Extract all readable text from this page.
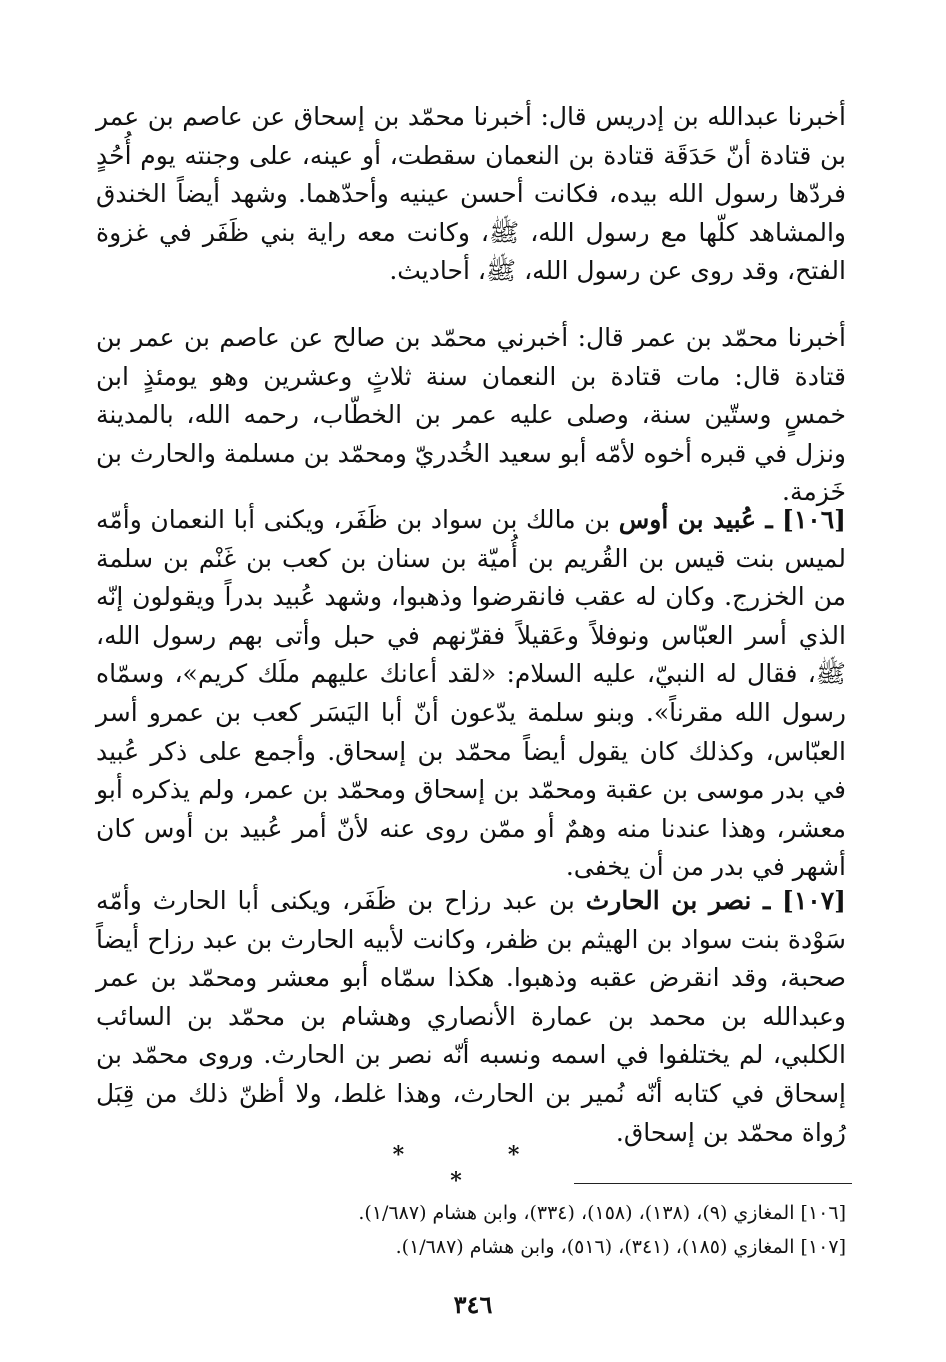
أخبرنا عبدالله بن إدريس قال: أخبرنا محمّد بن إسحاق عن عاصم بن عمر بن قتادة أنّ حَدَقَة قتادة بن النعمان سقطت، أو عينه، على وجنته يوم أُحُدٍ فردّها رسول الله بيده، فكانت أحسن عينيه وأحدّهما. وشهد أيضاً الخندق والمشاهد كلّها مع رسول الله، ﷺ، وكانت معه راية بني ظَفَر في غزوة الفتح، وقد روى عن رسول الله، ﷺ، أحاديث.

أخبرنا محمّد بن عمر قال: أخبرني محمّد بن صالح عن عاصم بن عمر بن قتادة قال: مات قتادة بن النعمان سنة ثلاثٍ وعشرين وهو يومئذٍ ابن خمسٍ وستّين سنة، وصلى عليه عمر بن الخطّاب، رحمه الله، بالمدينة ونزل في قبره أخوه لأمّه أبو سعيد الخُدريّ ومحمّد بن مسلمة والحارث بن خَزمة.

[١٠٦] ـ عُبيد بن أوس بن مالك بن سواد بن ظَفَر، ويكنى أبا النعمان وأمّه لميس بنت قيس بن القُريم بن أُميّة بن سنان بن كعب بن غَنْم بن سلمة من الخزرج. وكان له عقب فانقرضوا وذهبوا، وشهد عُبيد بدراً ويقولون إنّه الذي أسر العبّاس ونوفلاً وعَقيلاً فقرّنهم في حبل وأتى بهم رسول الله، ﷺ، فقال له النبيّ، عليه السلام: «لقد أعانك عليهم ملَك كريم»، وسمّاه رسول الله مقرناً». وبنو سلمة يدّعون أنّ أبا اليَسَر كعب بن عمرو أسر العبّاس، وكذلك كان يقول أيضاً محمّد بن إسحاق. وأجمع على ذكر عُبيد في بدر موسى بن عقبة ومحمّد بن إسحاق ومحمّد بن عمر، ولم يذكره أبو معشر، وهذا عندنا منه وهمٌ أو ممّن روى عنه لأنّ أمر عُبيد بن أوس كان أشهر في بدر من أن يخفى.

[١٠٧] ـ نصر بن الحارث بن عبد رزاح بن ظَفَر، ويكنى أبا الحارث وأمّه سَوْدة بنت سواد بن الهيثم بن ظفر، وكانت لأبيه الحارث بن عبد رزاح أيضاً صحبة، وقد انقرض عقبه وذهبوا. هكذا سمّاه أبو معشر ومحمّد بن عمر وعبدالله بن محمد بن عمارة الأنصاري وهشام بن محمّد بن السائب الكلبي، لم يختلفوا في اسمه ونسبه أنّه نصر بن الحارث. وروى محمّد بن إسحاق في كتابه أنّه نُمير بن الحارث، وهذا غلط، ولا أظنّ ذلك من قِبَل رُواة محمّد بن إسحاق.

* * *

[١٠٦] المغازي (٩)، (١٣٨)، (١٥٨)، (٣٣٤)، وابن هشام (١/٦٨٧).

[١٠٧] المغازي (١٨٥)، (٣٤١)، (٥١٦)، وابن هشام (١/٦٨٧).

٣٤٦
